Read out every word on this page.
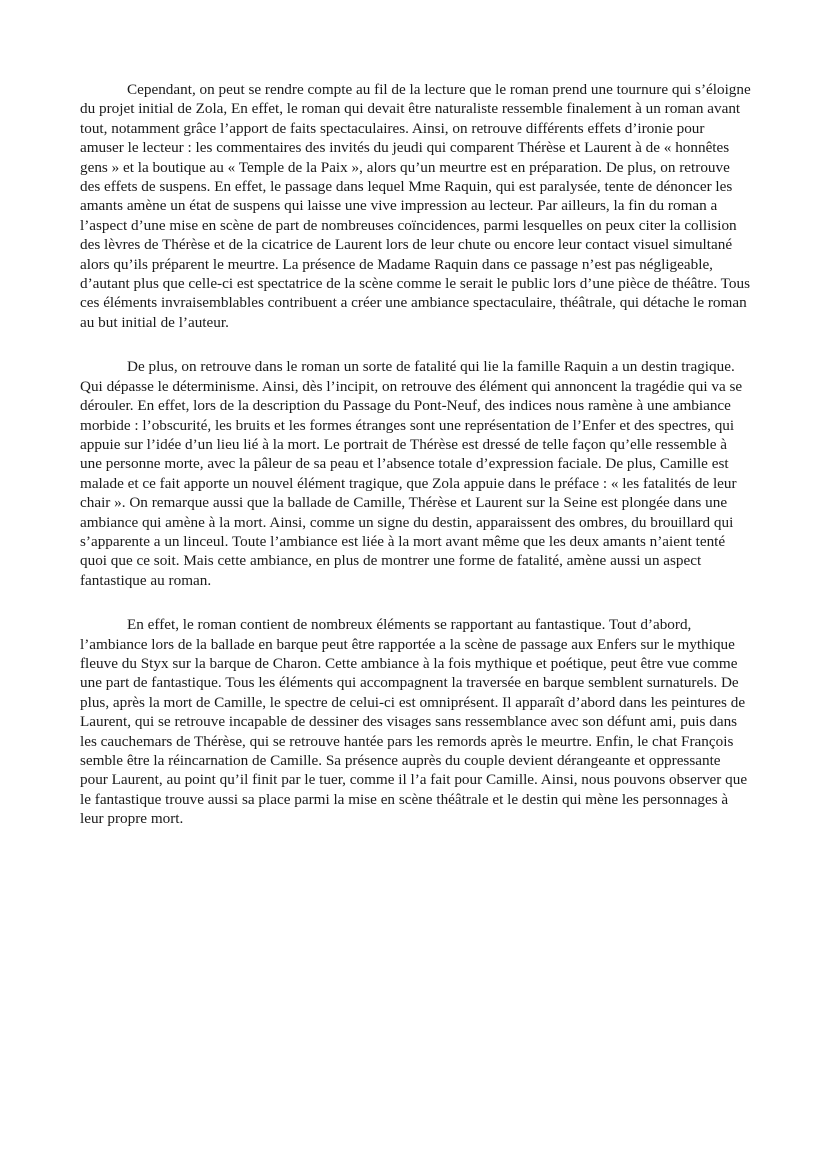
Cependant, on peut se rendre compte au fil de la lecture que le roman prend une tournure qui s’éloigne du projet initial de Zola, En effet, le roman qui devait être naturaliste ressemble finalement à un roman avant tout, notamment grâce l’apport de faits spectaculaires. Ainsi, on retrouve différents effets d’ironie pour amuser le lecteur : les commentaires des invités du jeudi qui comparent Thérèse et Laurent à de « honnêtes gens » et la boutique au « Temple de la Paix », alors qu’un meurtre est en préparation. De plus, on retrouve des effets de suspens. En effet, le passage dans lequel Mme Raquin, qui est paralysée, tente de dénoncer les amants amène un état de suspens qui laisse une vive impression au lecteur. Par ailleurs, la fin du roman a l’aspect d’une mise en scène de part de nombreuses coïncidences, parmi lesquelles on peux citer la collision des lèvres de Thérèse et de la cicatrice de Laurent lors de leur chute ou encore leur contact visuel simultané alors qu’ils préparent le meurtre. La présence de Madame Raquin dans ce passage n’est pas négligeable, d’autant plus que celle-ci est spectatrice de la scène comme le serait le public lors d’une pièce de théâtre. Tous ces éléments invraisemblables contribuent a créer une ambiance spectaculaire, théâtrale, qui détache le roman au but initial de l’auteur.

De plus, on retrouve dans le roman un sorte de fatalité qui lie la famille Raquin a un destin tragique. Qui dépasse le déterminisme. Ainsi, dès l’incipit, on retrouve des élément qui annoncent la tragédie qui va se dérouler. En effet, lors de la description du Passage du Pont-Neuf, des indices nous ramène à une ambiance morbide : l’obscurité, les bruits et les formes étranges sont une représentation de l’Enfer et des spectres, qui appuie sur l’idée d’un lieu lié à la mort. Le portrait de Thérèse est dressé de telle façon qu’elle ressemble à une personne morte, avec la pâleur de sa peau et l’absence totale d’expression faciale. De plus, Camille est malade et ce fait apporte un nouvel élément tragique, que Zola appuie dans le préface : « les fatalités de leur chair ». On remarque aussi que la ballade de Camille, Thérèse et Laurent sur la Seine est plongée dans une ambiance qui amène à la mort. Ainsi, comme un signe du destin, apparaissent des ombres, du brouillard qui s’apparente a un linceul. Toute l’ambiance est liée à la mort avant même que les deux amants n’aient tenté quoi que ce soit. Mais cette ambiance, en plus de montrer une forme de fatalité, amène aussi un aspect fantastique au roman.

En effet, le roman contient de nombreux éléments se rapportant au fantastique. Tout d’abord, l’ambiance lors de la ballade en barque peut être rapportée a la scène de passage aux Enfers sur le mythique fleuve du Styx sur la barque de Charon. Cette ambiance à la fois mythique et poétique, peut être vue comme une part de fantastique. Tous les éléments qui accompagnent la traversée en barque semblent surnaturels. De plus, après la mort de Camille, le spectre de celui-ci est omniprésent. Il apparaît d’abord dans les peintures de Laurent, qui se retrouve incapable de dessiner des visages sans ressemblance avec son défunt ami, puis dans les cauchemars de Thérèse, qui se retrouve hantée pars les remords après le meurtre. Enfin, le chat François semble être la réincarnation de Camille. Sa présence auprès du couple devient dérangeante et oppressante pour Laurent, au point qu’il finit par le tuer, comme il l’a fait pour Camille. Ainsi, nous pouvons observer que le fantastique trouve aussi sa place parmi la mise en scène théâtrale et le destin qui mène les personnages à leur propre mort.
